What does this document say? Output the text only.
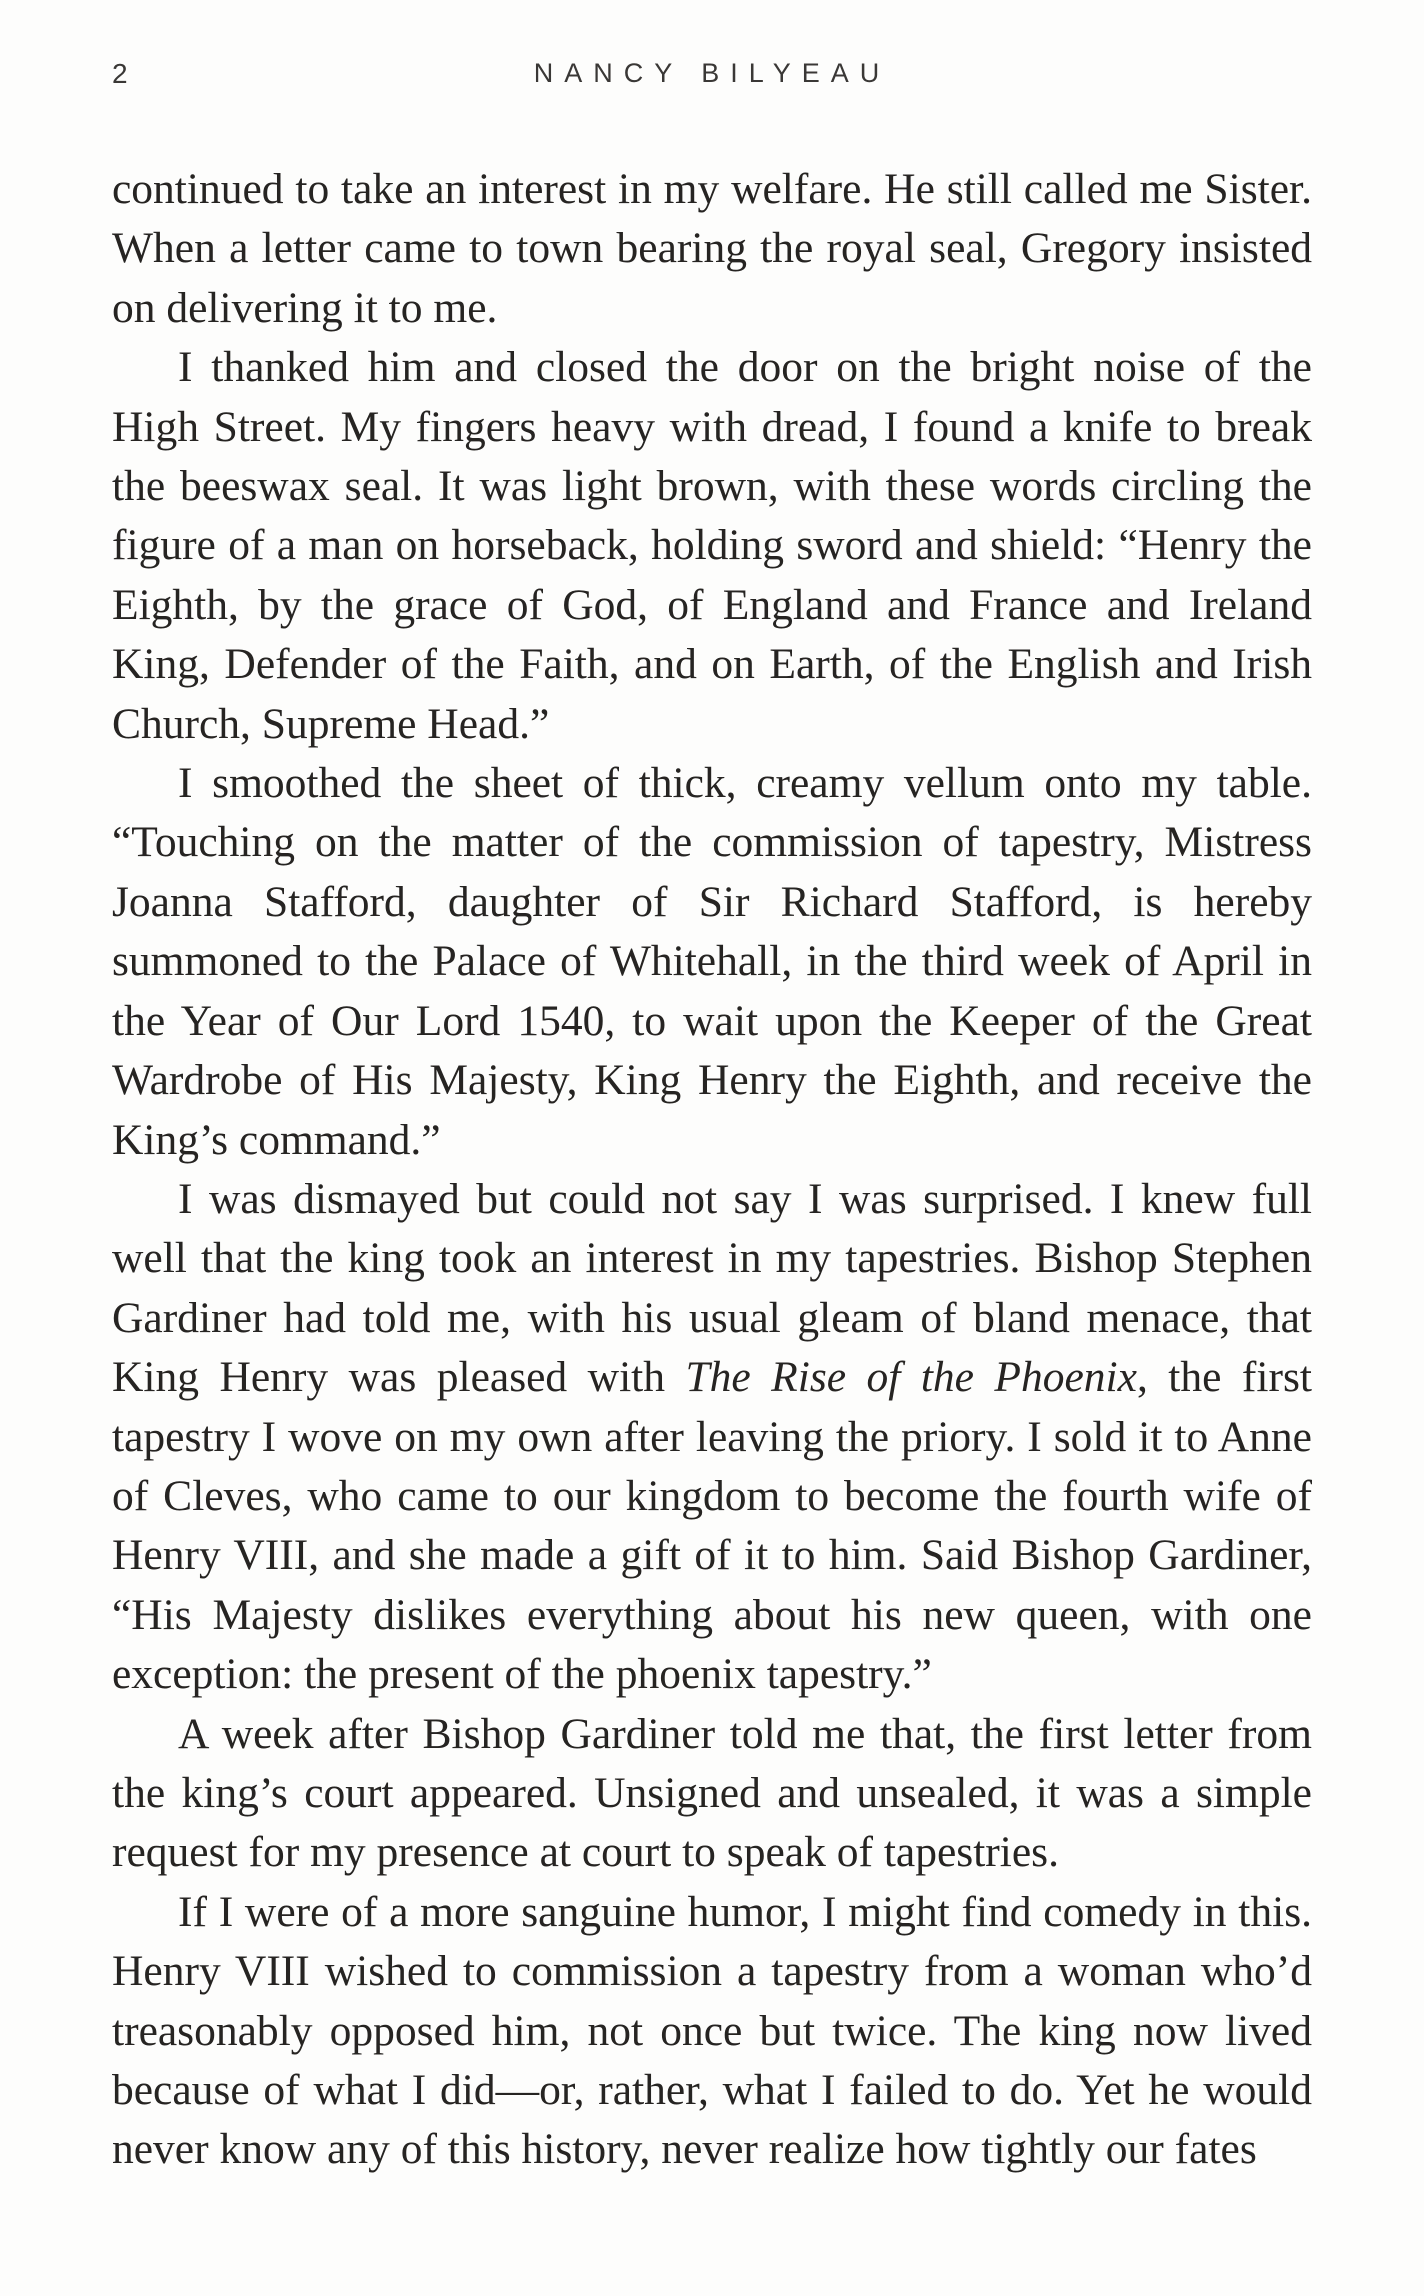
2	NANCY BILYEAU

continued to take an interest in my welfare. He still called me Sister. When a letter came to town bearing the royal seal, Gregory insisted on delivering it to me.

I thanked him and closed the door on the bright noise of the High Street. My fingers heavy with dread, I found a knife to break the beeswax seal. It was light brown, with these words circling the figure of a man on horseback, holding sword and shield: “Henry the Eighth, by the grace of God, of England and France and Ireland King, Defender of the Faith, and on Earth, of the English and Irish Church, Supreme Head.”

I smoothed the sheet of thick, creamy vellum onto my table. “Touching on the matter of the commission of tapestry, Mistress Joanna Stafford, daughter of Sir Richard Stafford, is hereby summoned to the Palace of Whitehall, in the third week of April in the Year of Our Lord 1540, to wait upon the Keeper of the Great Wardrobe of His Majesty, King Henry the Eighth, and receive the King’s command.”

I was dismayed but could not say I was surprised. I knew full well that the king took an interest in my tapestries. Bishop Stephen Gardiner had told me, with his usual gleam of bland menace, that King Henry was pleased with The Rise of the Phoenix, the first tapestry I wove on my own after leaving the priory. I sold it to Anne of Cleves, who came to our kingdom to become the fourth wife of Henry VIII, and she made a gift of it to him. Said Bishop Gardiner, “His Majesty dislikes everything about his new queen, with one exception: the present of the phoenix tapestry.”

A week after Bishop Gardiner told me that, the first letter from the king’s court appeared. Unsigned and unsealed, it was a simple request for my presence at court to speak of tapestries.

If I were of a more sanguine humor, I might find comedy in this. Henry VIII wished to commission a tapestry from a woman who’d treasonably opposed him, not once but twice. The king now lived because of what I did—or, rather, what I failed to do. Yet he would never know any of this history, never realize how tightly our fates
